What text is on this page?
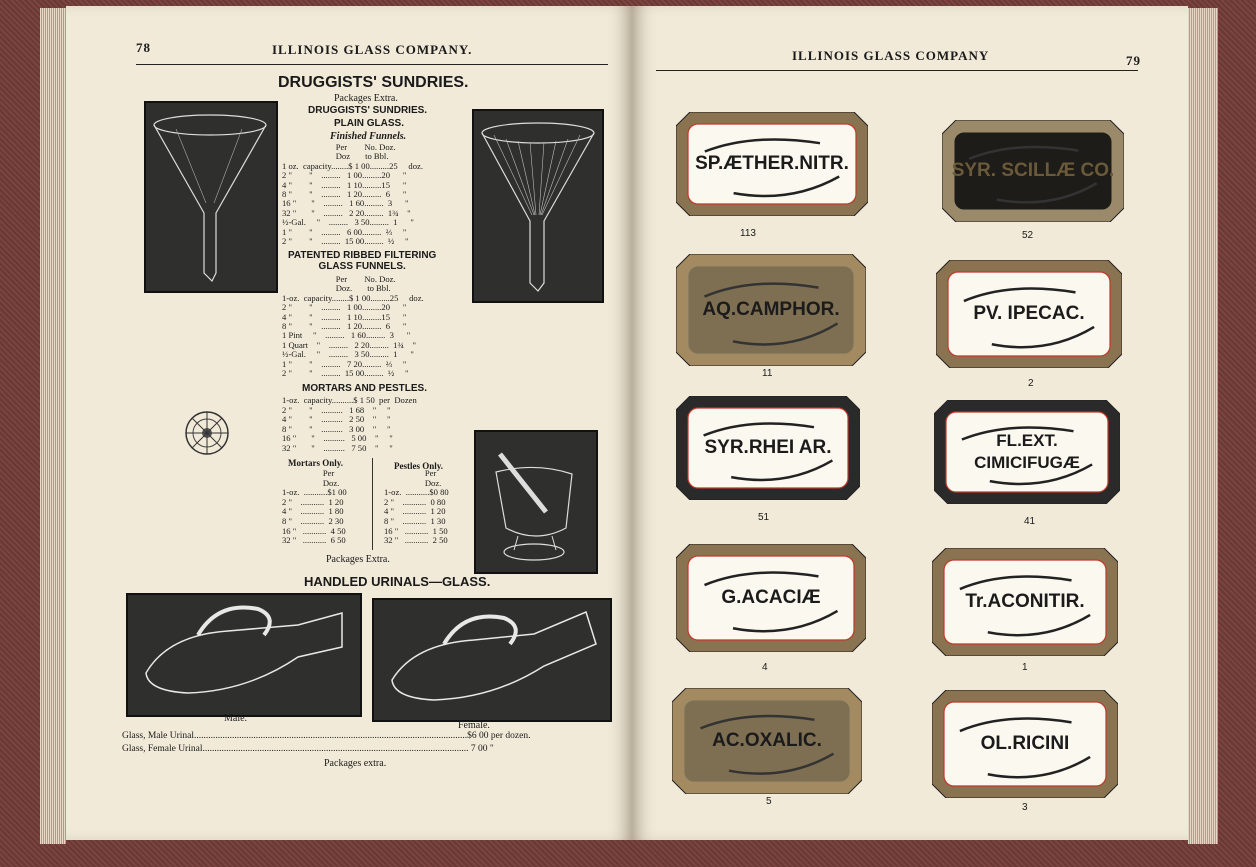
78	ILLINOIS GLASS COMPANY.
DRUGGISTS' SUNDRIES.
Packages Extra.
DRUGGISTS' SUNDRIES.
PLAIN GLASS.
Finished Funnels.
Per        No. Doz.
Doz       to Bbl.
1 oz.  capacity........$ 1 00.........25     doz.
2 "        "    .........   1 00.........20      "
4 "        "    .........   1 10.........15      "
8 "        "    .........   1 20.........  6      "
16 "       "    .........   1 60.........  3      "
32 "       "    .........   2 20.........  1¾    "
½-Gal.     "    .........   3 50.........  1      "
1 "        "    .........   6 00.........  ⅔     "
2 "        "    .........  15 00.........  ½     "
PATENTED RIBBED FILTERING
GLASS FUNNELS.
Per        No. Doz.
Doz.       to Bbl.
1-oz.  capacity........$ 1 00.........25     doz.
2 "        "    .........   1 00.........20      "
4 "        "    .........   1 10.........15      "
8 "        "    .........   1 20.........  6      "
1 Pint     "    .........   1 60.........  3      "
1 Quart    "    .........   2 20.........  1¾    "
½-Gal.     "    .........   3 50.........  1      "
1 "        "    .........   7 20.........  ⅔     "
2 "        "    .........  15 00.........  ½     "
MORTARS AND PESTLES.
1-oz.  capacity..........$ 1 50  per  Dozen
2 "        "    ..........   1 68    "     "
4 "        "    ..........   2 50    "     "
8 "        "    ..........   3 00    "     "
16 "       "    ..........   5 00    "     "
32 "       "    ..........   7 50    "     "
Mortars Only.
Per
Doz.
1-oz.  ...........$1 00
2 "    ...........  1 20
4 "    ...........  1 80
8 "    ...........  2 30
16 "   ...........  4 50
32 "   ...........  6 50
Pestles Only.
Per
Doz.
1-oz.  ...........$0 80
2 "    ...........  0 80
4 "    ...........  1 20
8 "    ...........  1 30
16 "   ...........  1 50
32 "   ...........  2 50
Packages Extra.
HANDLED URINALS—GLASS.
Male.
Female.
Glass, Male Urinal...................................................................................................................$6 00 per dozen.
Glass, Female Urinal................................................................................................................ 7 00 "
Packages extra.
ILLINOIS GLASS COMPANY	79
SP.ÆTHER.NITR.
113
SYR. SCILLÆ CO.
52
AQ.CAMPHOR.
11
PV. IPECAC.
2
SYR.RHEI AR.
51
FL.EXT.
CIMICIFUGÆ
41
G.ACACIÆ
4
Tr.ACONITIR.
1
AC.OXALIC.
5
OL.RICINI
3
